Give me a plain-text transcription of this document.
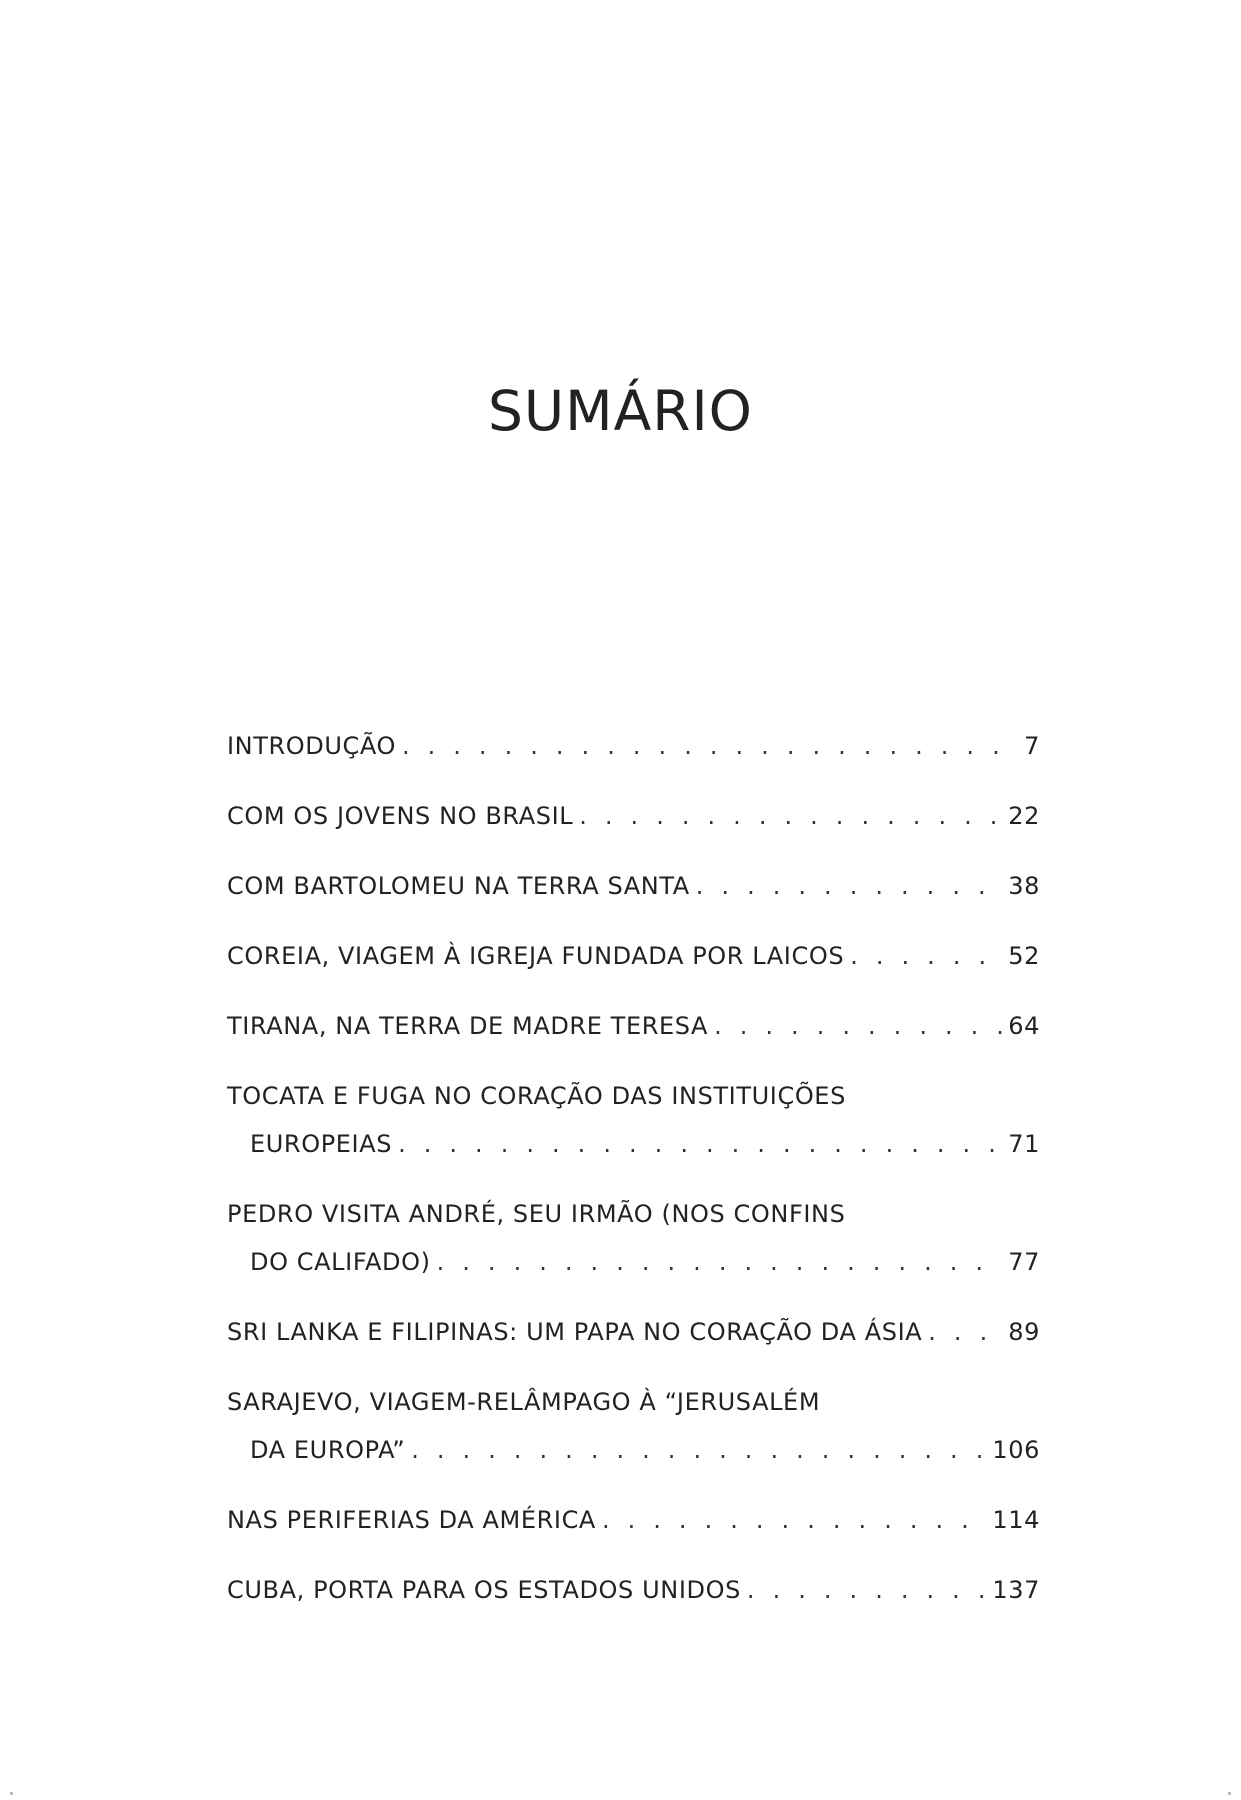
SUMÁRIO
INTRODUÇÃO . . .	7
COM OS JOVENS NO BRASIL . . .	22
COM BARTOLOMEU NA TERRA SANTA . . .	38
COREIA, VIAGEM À IGREJA FUNDADA POR LAICOS . . .	52
TIRANA, NA TERRA DE MADRE TERESA . . .	64
TOCATA E FUGA NO CORAÇÃO DAS INSTITUIÇÕES
EUROPEIAS . . .	71
PEDRO VISITA ANDRÉ, SEU IRMÃO (NOS CONFINS
DO CALIFADO) . . .	77
SRI LANKA E FILIPINAS: UM PAPA NO CORAÇÃO DA ÁSIA . . .	89
SARAJEVO, VIAGEM-RELÂMPAGO À “JERUSALÉM
DA EUROPA” . . .	106
NAS PERIFERIAS DA AMÉRICA . . .	114
CUBA, PORTA PARA OS ESTADOS UNIDOS . . .	137
